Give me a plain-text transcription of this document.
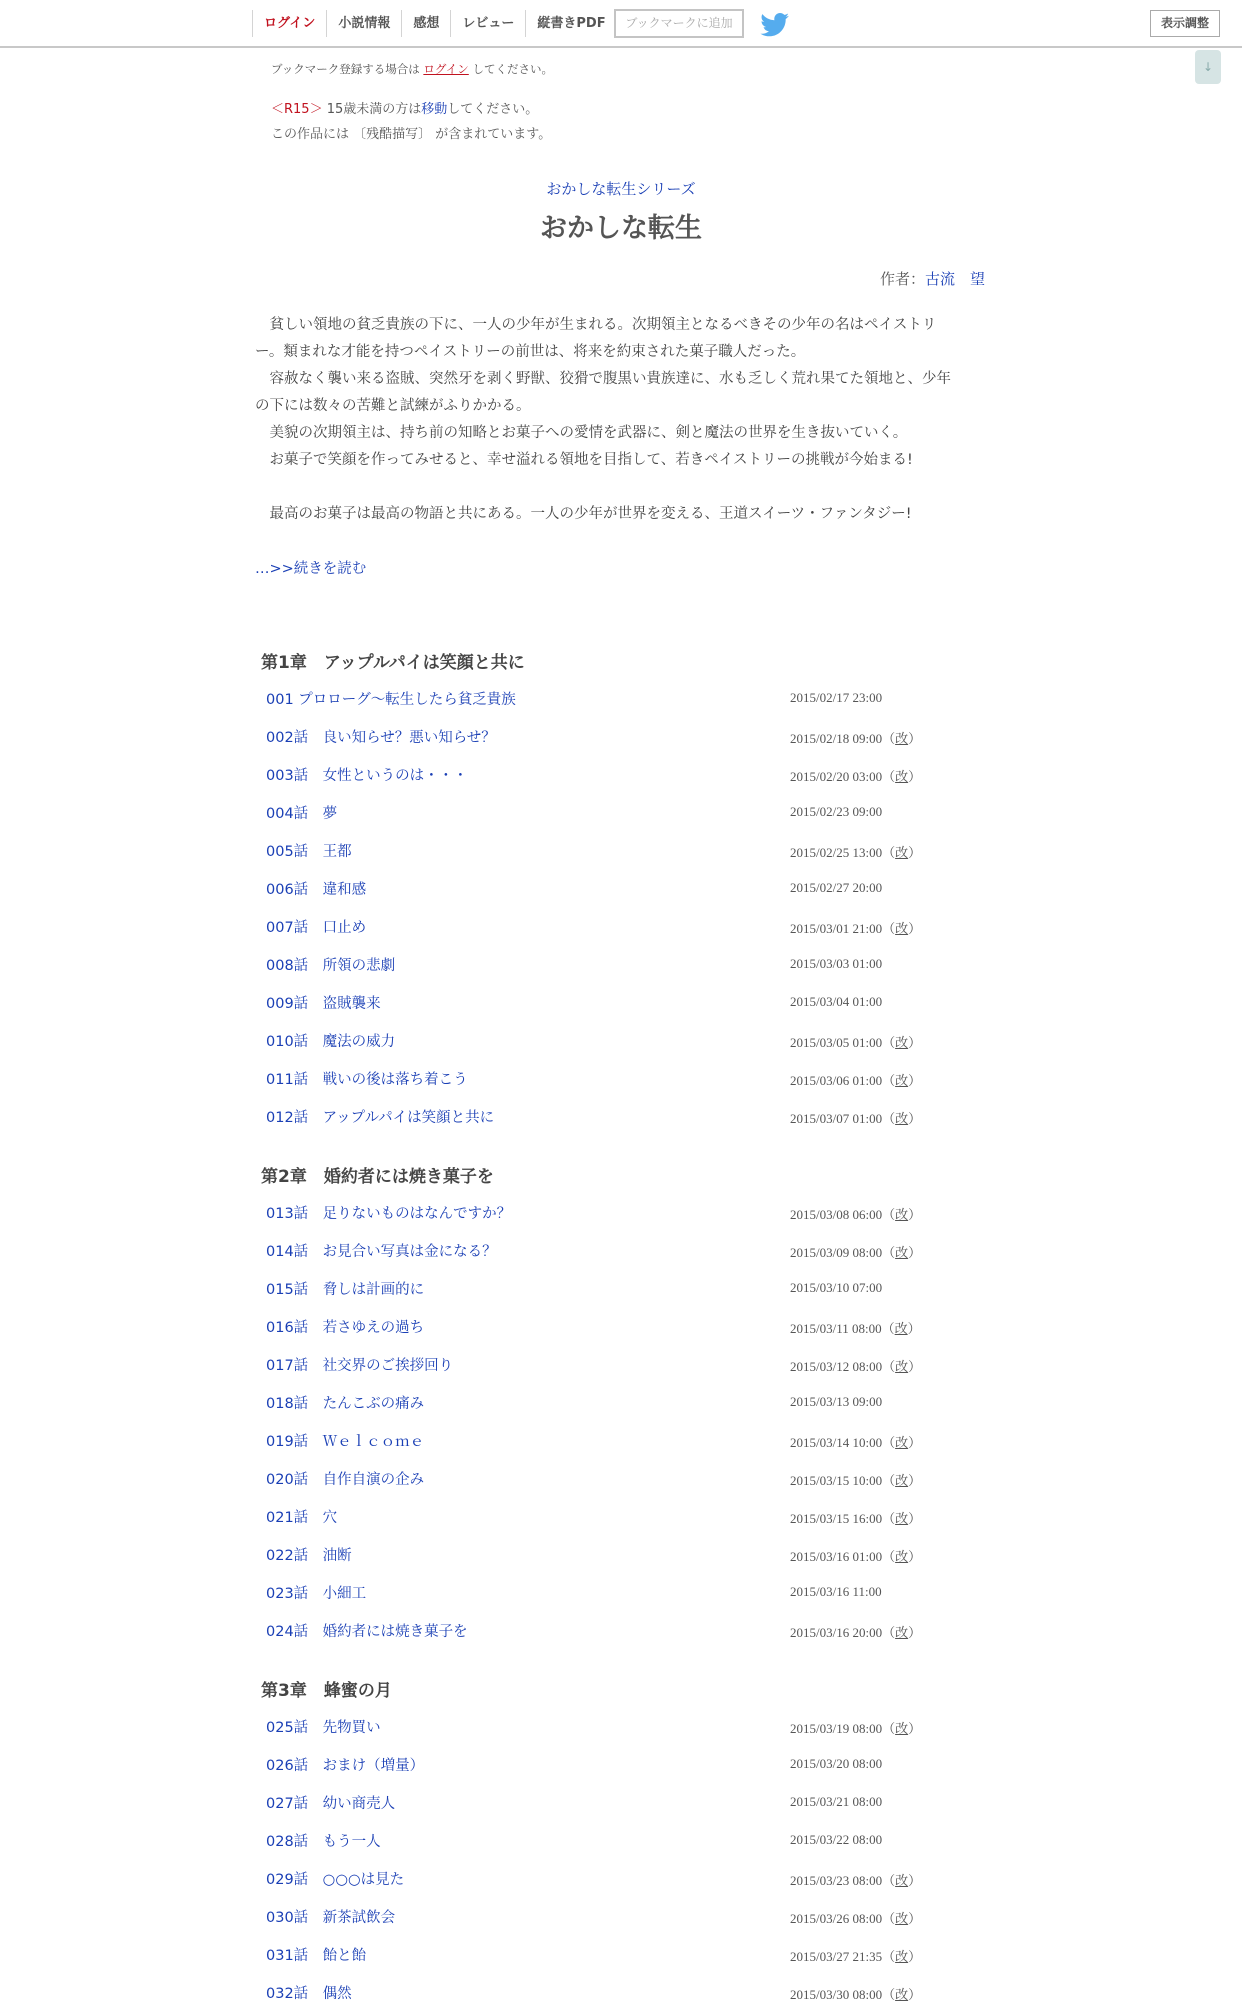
ログイン	小説情報	感想	レビュー	縦書きPDF	ブックマークに追加	表示調整
↓
ブックマーク登録する場合は ログイン してください。
＜R15＞ 15歳未満の方は移動してください。
この作品には 〔残酷描写〕 が含まれています。
おかしな転生シリーズ
おかしな転生
作者：古流　望
　貧しい領地の貧乏貴族の下に、一人の少年が生まれる。次期領主となるべきその少年の名はペイストリ
ー。類まれな才能を持つペイストリーの前世は、将来を約束された菓子職人だった。
　容赦なく襲い来る盗賊、突然牙を剥く野獣、狡猾で腹黒い貴族達に、水も乏しく荒れ果てた領地と、少年
の下には数々の苦難と試練がふりかかる。
　美貌の次期領主は、持ち前の知略とお菓子への愛情を武器に、剣と魔法の世界を生き抜いていく。
　お菓子で笑顔を作ってみせると、幸せ溢れる領地を目指して、若きペイストリーの挑戦が今始まる!

　最高のお菓子は最高の物語と共にある。一人の少年が世界を変える、王道スイーツ・ファンタジー!
…>>続きを読む
第1章　アップルパイは笑顔と共に
001 プロローグ～転生したら貧乏貴族	2015/02/17 23:00
002話　良い知らせ？悪い知らせ？	2015/02/18 09:00（改）
003話　女性というのは・・・	2015/02/20 03:00（改）
004話　夢	2015/02/23 09:00
005話　王都	2015/02/25 13:00（改）
006話　違和感	2015/02/27 20:00
007話　口止め	2015/03/01 21:00（改）
008話　所領の悲劇	2015/03/03 01:00
009話　盗賊襲来	2015/03/04 01:00
010話　魔法の威力	2015/03/05 01:00（改）
011話　戦いの後は落ち着こう	2015/03/06 01:00（改）
012話　アップルパイは笑顔と共に	2015/03/07 01:00（改）
第2章　婚約者には焼き菓子を
013話　足りないものはなんですか？	2015/03/08 06:00（改）
014話　お見合い写真は金になる？	2015/03/09 08:00（改）
015話　脅しは計画的に	2015/03/10 07:00
016話　若さゆえの過ち	2015/03/11 08:00（改）
017話　社交界のご挨拶回り	2015/03/12 08:00（改）
018話　たんこぶの痛み	2015/03/13 09:00
019話　Ｗｅｌｃｏｍｅ	2015/03/14 10:00（改）
020話　自作自演の企み	2015/03/15 10:00（改）
021話　穴	2015/03/15 16:00（改）
022話　油断	2015/03/16 01:00（改）
023話　小細工	2015/03/16 11:00
024話　婚約者には焼き菓子を	2015/03/16 20:00（改）
第3章　蜂蜜の月
025話　先物買い	2015/03/19 08:00（改）
026話　おまけ（増量）	2015/03/20 08:00
027話　幼い商売人	2015/03/21 08:00
028話　もう一人	2015/03/22 08:00
029話　○○○は見た	2015/03/23 08:00（改）
030話　新茶試飲会	2015/03/26 08:00（改）
031話　飴と飴	2015/03/27 21:35（改）
032話　偶然	2015/03/30 08:00（改）
